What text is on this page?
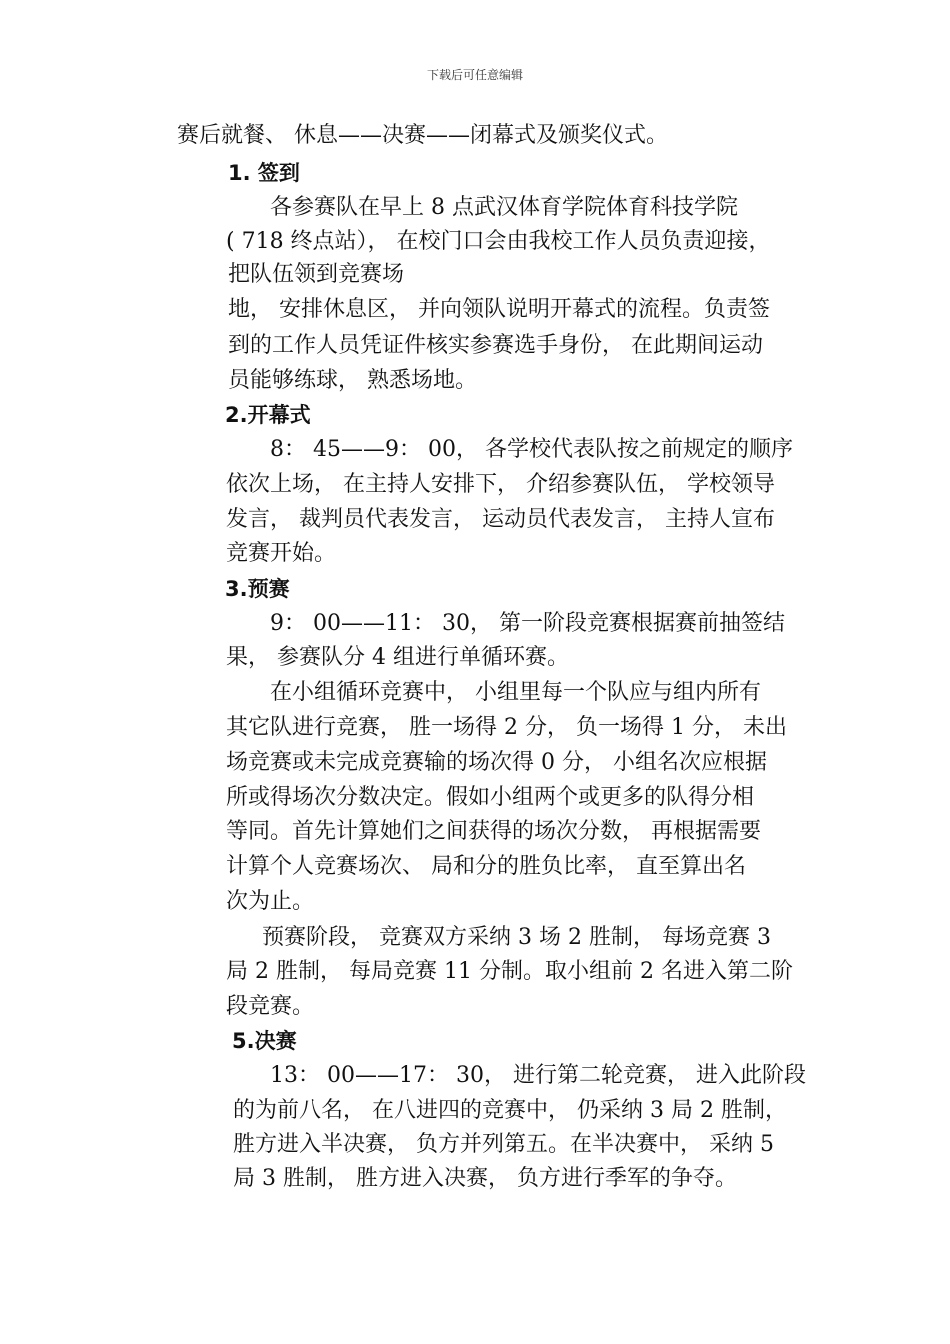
下载后可任意编辑
赛后就餐、 休息——决赛——闭幕式及颁奖仪式。
1. 签到
各参赛队在早上 8 点武汉体育学院体育科技学院
( 718 终点站）， 在校门口会由我校工作人员负责迎接，
把队伍领到竞赛场
地， 安排休息区， 并向领队说明开幕式的流程。负责签
到的工作人员凭证件核实参赛选手身份， 在此期间运动
员能够练球， 熟悉场地。
2.开幕式
8： 45——9： 00， 各学校代表队按之前规定的顺序
依次上场， 在主持人安排下， 介绍参赛队伍， 学校领导
发言， 裁判员代表发言， 运动员代表发言， 主持人宣布
竞赛开始。
3.预赛
9： 00——11： 30， 第一阶段竞赛根据赛前抽签结
果， 参赛队分 4 组进行单循环赛。
在小组循环竞赛中， 小组里每一个队应与组内所有
其它队进行竞赛， 胜一场得 2 分， 负一场得 1 分， 未出
场竞赛或未完成竞赛输的场次得 0 分， 小组名次应根据
所或得场次分数决定。假如小组两个或更多的队得分相
等同。首先计算她们之间获得的场次分数， 再根据需要
计算个人竞赛场次、 局和分的胜负比率， 直至算出名
次为止。
预赛阶段， 竞赛双方采纳 3 场 2 胜制， 每场竞赛 3
局 2 胜制， 每局竞赛 11 分制。取小组前 2 名进入第二阶
段竞赛。
5.决赛
13： 00——17： 30， 进行第二轮竞赛， 进入此阶段
的为前八名， 在八进四的竞赛中， 仍采纳 3 局 2 胜制，
胜方进入半决赛， 负方并列第五。在半决赛中， 采纳 5
局 3 胜制， 胜方进入决赛， 负方进行季军的争夺。
